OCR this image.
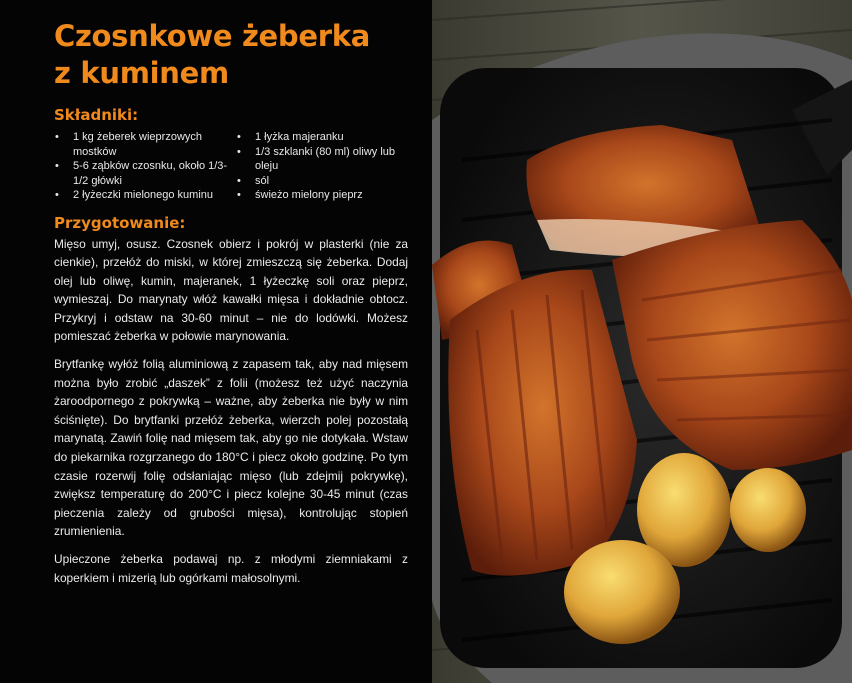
Czosnkowe żeberka
z kuminem
Składniki:
• 1 kg żeberek wieprzowych mostków
• 5-6 ząbków czosnku, około 1/3-1/2 główki
• 2 łyżeczki mielonego kuminu
• 1 łyżka majeranku
• 1/3 szklanki (80 ml) oliwy lub oleju
• sól
• świeżo mielony pieprz
Przygotowanie:

Mięso umyj, osusz. Czosnek obierz i pokrój w plasterki (nie za cienkie), przełóż do miski, w której zmieszczą się żeberka. Dodaj olej lub oliwę, kumin, majeranek, 1 łyżeczkę soli oraz pieprz, wymieszaj. Do marynaty włóż kawałki mięsa i dokładnie obtocz. Przykryj i odstaw na 30-60 minut – nie do lodówki. Możesz pomieszać żeberka w połowie marynowania.

Brytfankę wyłóż folią aluminiową z zapasem tak, aby nad mięsem można było zrobić „daszek” z folii (możesz też użyć naczynia żaroodpornego z pokrywką – ważne, aby żeberka nie były w nim ściśnięte). Do brytfanki przełóż żeberka, wierzch polej pozostałą marynatą. Zawiń folię nad mięsem tak, aby go nie dotykała. Wstaw do piekarnika rozgrzanego do 180°C i piecz około godzinę. Po tym czasie rozerwij folię odsłaniając mięso (lub zdejmij pokrywkę), zwiększ temperaturę do 200°C i piecz kolejne 30-45 minut (czas pieczenia zależy od grubości mięsa), kontrolując stopień zrumienienia.

Upieczone żeberka podawaj np. z młodymi ziemniakami z koperkiem i mizerią lub ogórkami małosolnymi.
